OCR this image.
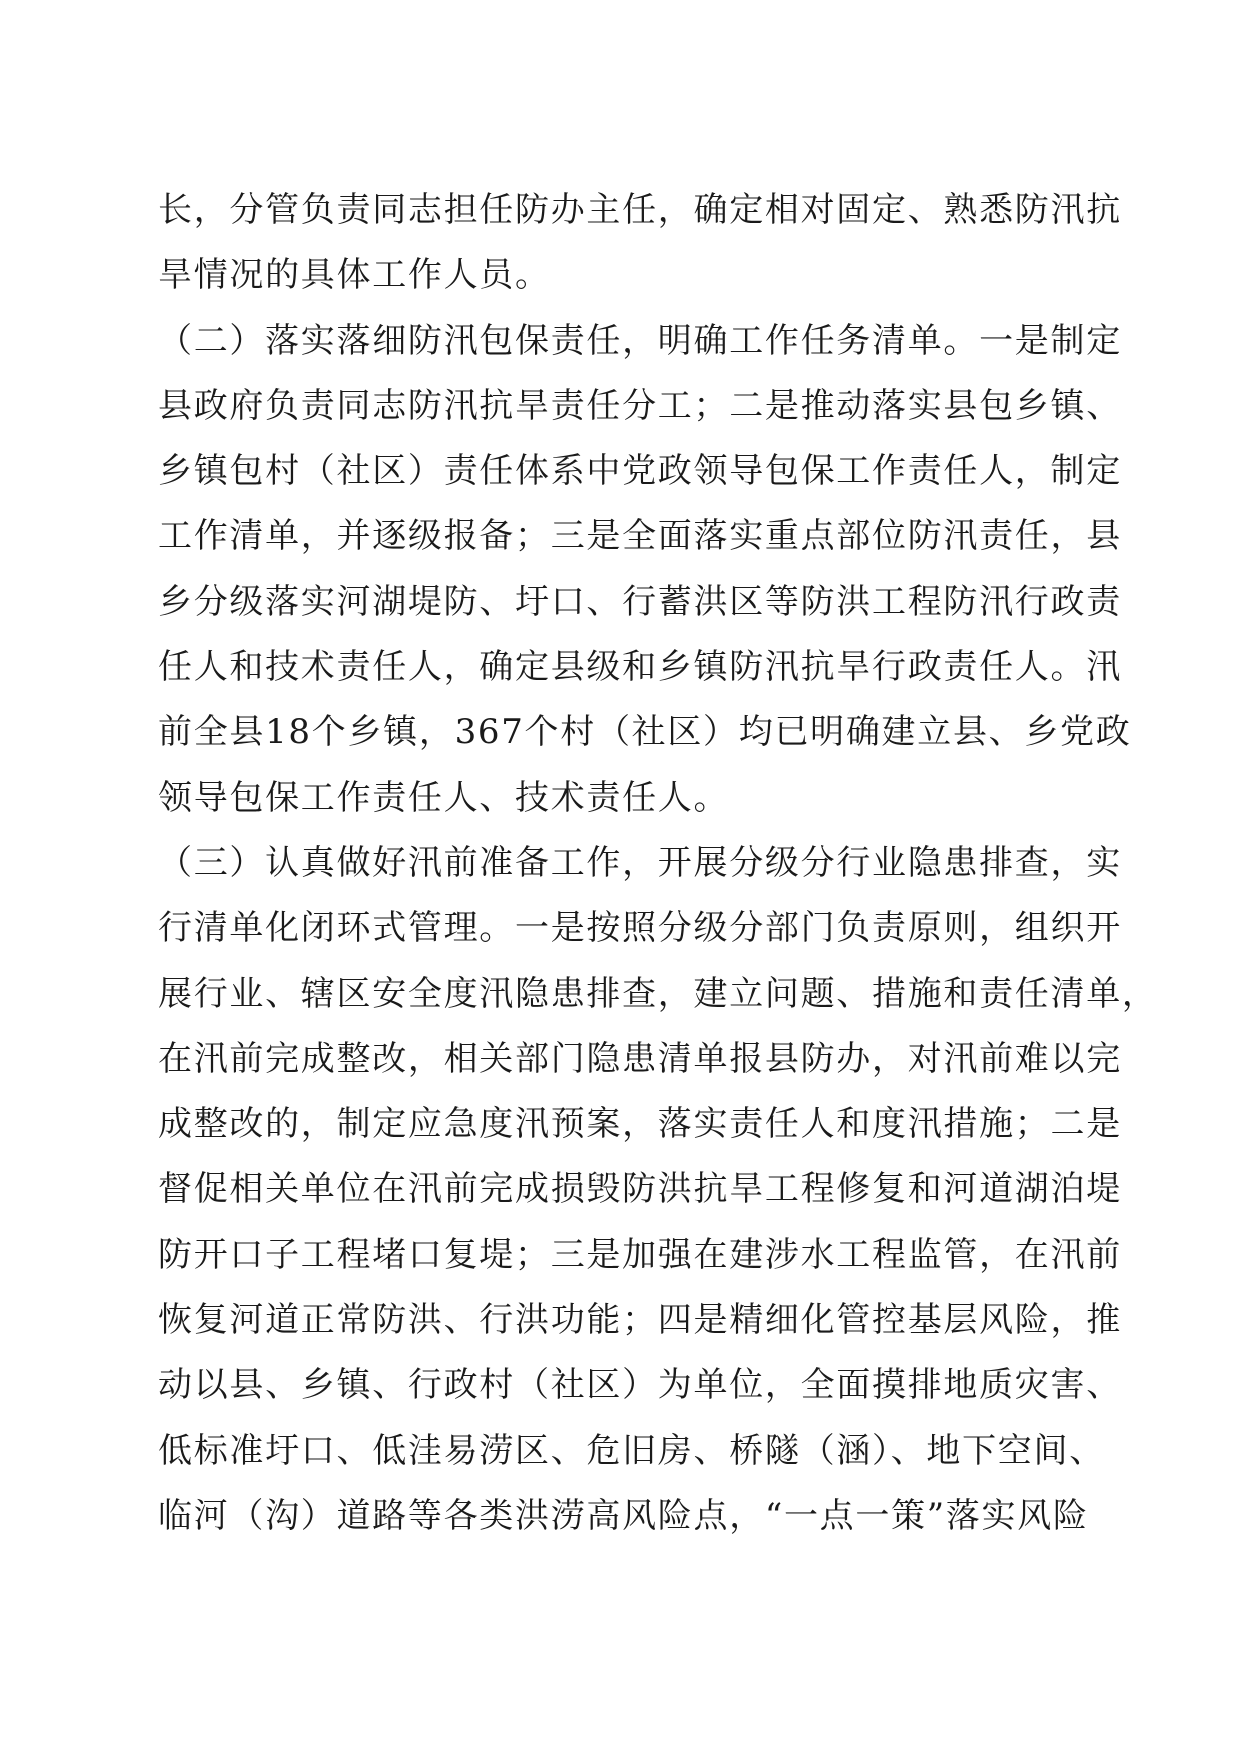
长，分管负责同志担任防办主任，确定相对固定、熟悉防汛抗
旱情况的具体工作人员。
（二）落实落细防汛包保责任，明确工作任务清单。一是制定
县政府负责同志防汛抗旱责任分工；二是推动落实县包乡镇、
乡镇包村（社区）责任体系中党政领导包保工作责任人，制定
工作清单，并逐级报备；三是全面落实重点部位防汛责任，县
乡分级落实河湖堤防、圩口、行蓄洪区等防洪工程防汛行政责
任人和技术责任人，确定县级和乡镇防汛抗旱行政责任人。汛
前全县18个乡镇，367个村（社区）均已明确建立县、乡党政
领导包保工作责任人、技术责任人。
（三）认真做好汛前准备工作，开展分级分行业隐患排查，实
行清单化闭环式管理。一是按照分级分部门负责原则，组织开
展行业、辖区安全度汛隐患排查，建立问题、措施和责任清单，
在汛前完成整改，相关部门隐患清单报县防办，对汛前难以完
成整改的，制定应急度汛预案，落实责任人和度汛措施；二是
督促相关单位在汛前完成损毁防洪抗旱工程修复和河道湖泊堤
防开口子工程堵口复堤；三是加强在建涉水工程监管，在汛前
恢复河道正常防洪、行洪功能；四是精细化管控基层风险，推
动以县、乡镇、行政村（社区）为单位，全面摸排地质灾害、
低标准圩口、低洼易涝区、危旧房、桥隧（涵）、地下空间、
临河（沟）道路等各类洪涝高风险点，“一点一策”落实风险
